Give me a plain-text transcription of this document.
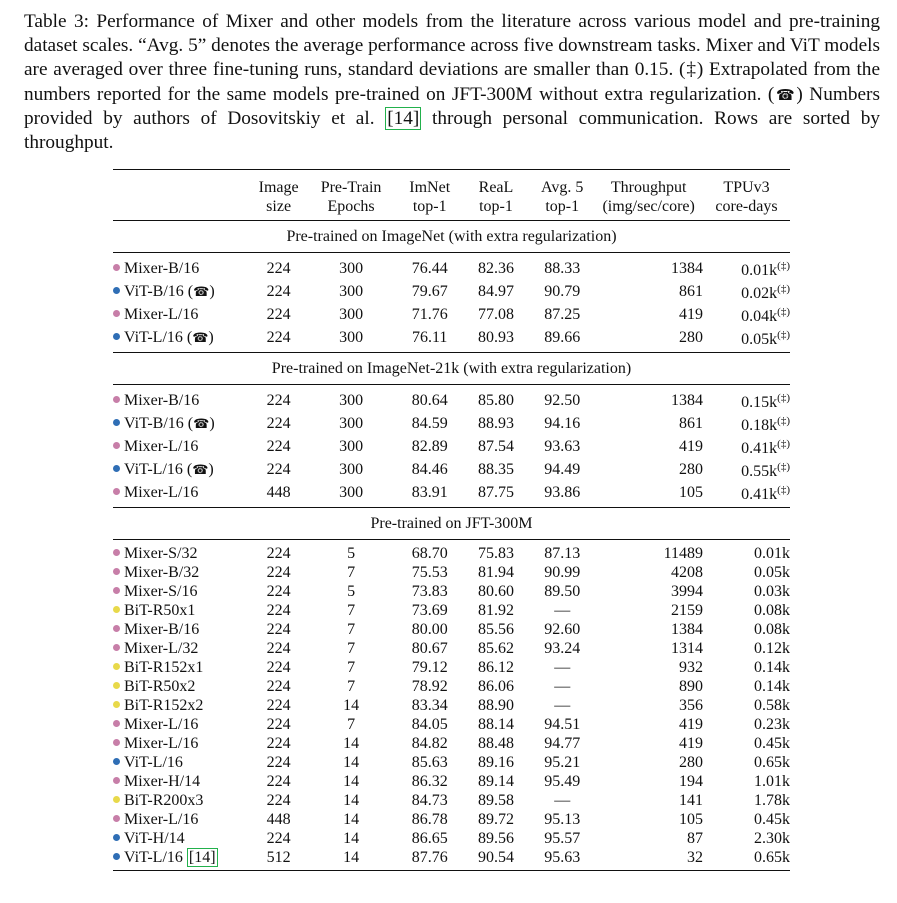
Table 3: Performance of Mixer and other models from the literature across various model and pre-training dataset scales. “Avg. 5” denotes the average performance across five downstream tasks. Mixer and ViT models are averaged over three fine-tuning runs, standard deviations are smaller than 0.15. (‡) Extrapolated from the numbers reported for the same models pre-trained on JFT-300M without extra regularization. (☎) Numbers provided by authors of Dosovitskiy et al. [14] through personal communication. Rows are sorted by throughput.

	Image	Pre-Train	ImNet	ReaL	Avg. 5	Throughput	TPUv3
	size	Epochs	top-1	top-1	top-1	(img/sec/core)	core-days
Pre-trained on ImageNet (with extra regularization)							

Mixer-B/16	224	300	76.44	82.36	88.33	1384	0.01k(‡)
ViT-B/16 (☎)	224	300	79.67	84.97	90.79	861	0.02k(‡)
Mixer-L/16	224	300	71.76	77.08	87.25	419	0.04k(‡)
ViT-L/16 (☎)	224	300	76.11	80.93	89.66	280	0.05k(‡)
Pre-trained on ImageNet-21k (with extra regularization)							

Mixer-B/16	224	300	80.64	85.80	92.50	1384	0.15k(‡)
ViT-B/16 (☎)	224	300	84.59	88.93	94.16	861	0.18k(‡)
Mixer-L/16	224	300	82.89	87.54	93.63	419	0.41k(‡)
ViT-L/16 (☎)	224	300	84.46	88.35	94.49	280	0.55k(‡)
Mixer-L/16	448	300	83.91	87.75	93.86	105	0.41k(‡)
Pre-trained on JFT-300M							

Mixer-S/32	224	5	68.70	75.83	87.13	11489	0.01k
Mixer-B/32	224	7	75.53	81.94	90.99	4208	0.05k
Mixer-S/16	224	5	73.83	80.60	89.50	3994	0.03k
BiT-R50x1	224	7	73.69	81.92	—	2159	0.08k
Mixer-B/16	224	7	80.00	85.56	92.60	1384	0.08k
Mixer-L/32	224	7	80.67	85.62	93.24	1314	0.12k
BiT-R152x1	224	7	79.12	86.12	—	932	0.14k
BiT-R50x2	224	7	78.92	86.06	—	890	0.14k
BiT-R152x2	224	14	83.34	88.90	—	356	0.58k
Mixer-L/16	224	7	84.05	88.14	94.51	419	0.23k
Mixer-L/16	224	14	84.82	88.48	94.77	419	0.45k
ViT-L/16	224	14	85.63	89.16	95.21	280	0.65k
Mixer-H/14	224	14	86.32	89.14	95.49	194	1.01k
BiT-R200x3	224	14	84.73	89.58	—	141	1.78k
Mixer-L/16	448	14	86.78	89.72	95.13	105	0.45k
ViT-H/14	224	14	86.65	89.56	95.57	87	2.30k
ViT-L/16 [14]	512	14	87.76	90.54	95.63	32	0.65k
